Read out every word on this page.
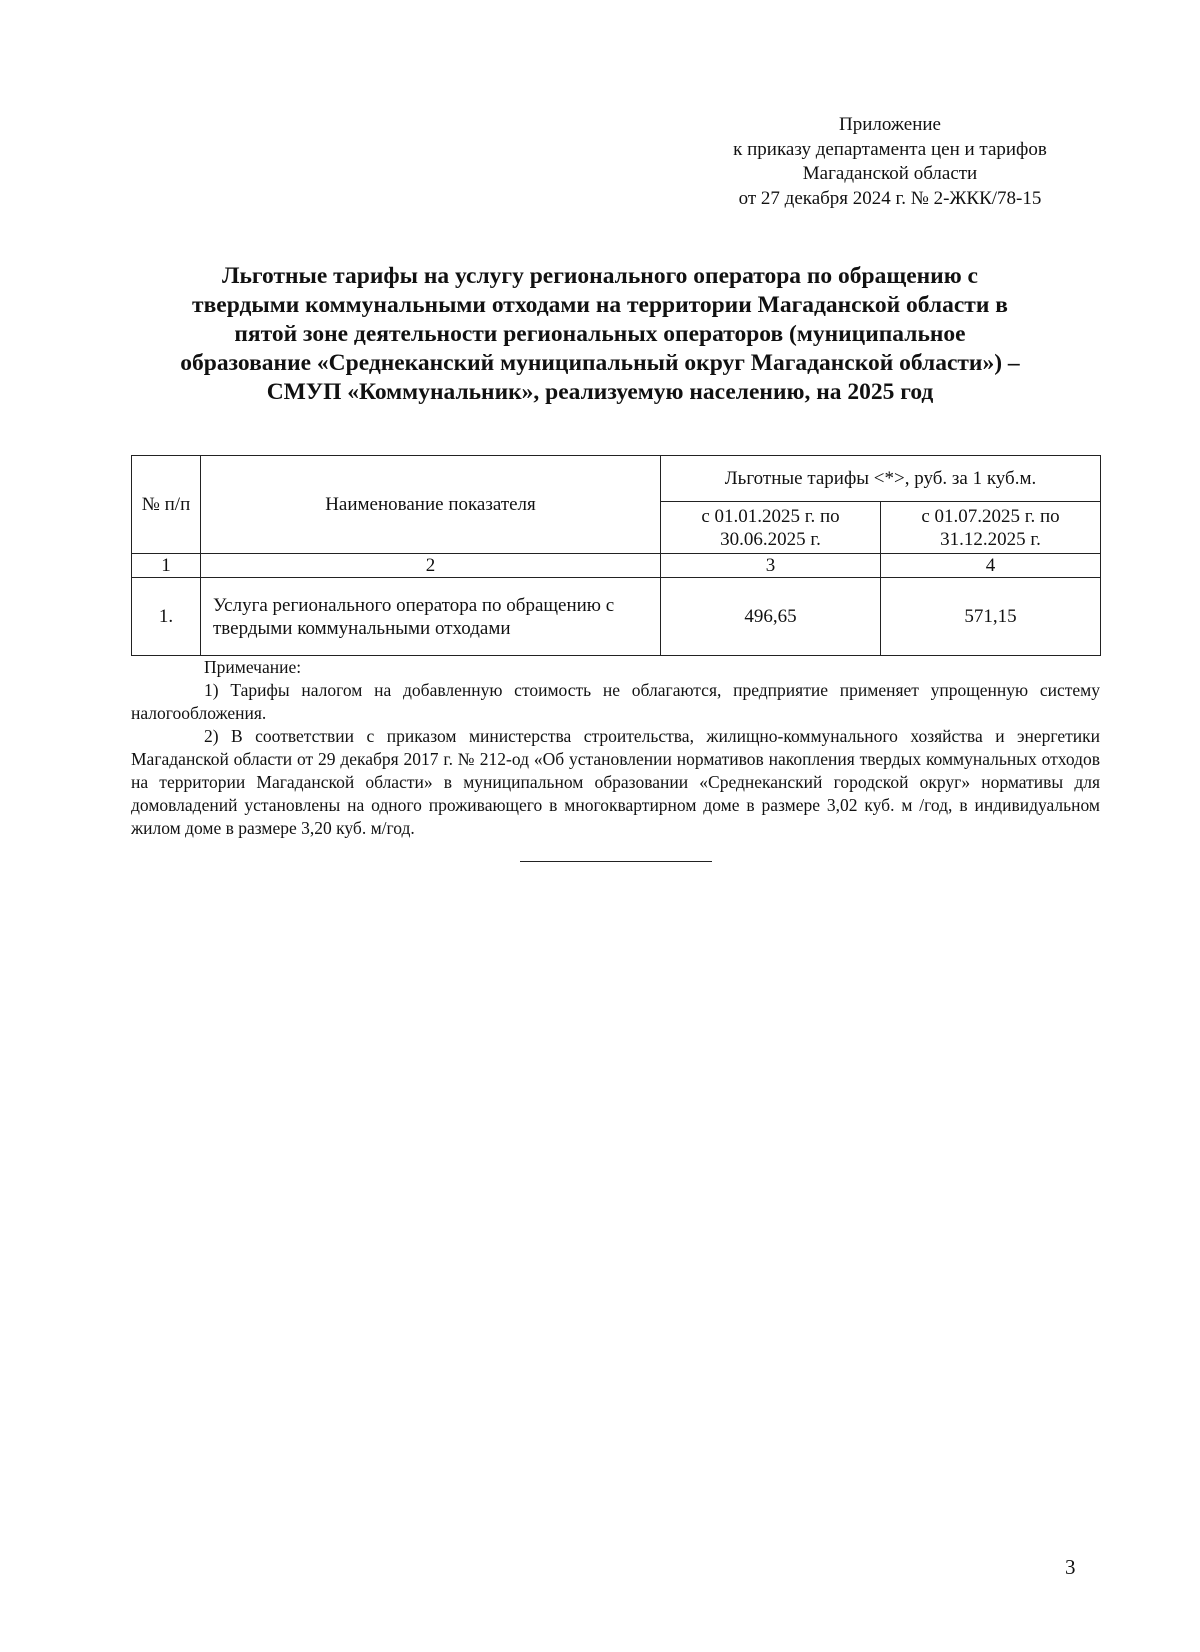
Приложение
к приказу департамента цен и тарифов
Магаданской области
от 27 декабря 2024 г. № 2-ЖКК/78-15
Льготные тарифы на услугу регионального оператора по обращению с
твердыми коммунальными отходами на территории Магаданской области в
пятой зоне деятельности региональных операторов (муниципальное
образование «Среднеканский муниципальный округ Магаданской области») –
СМУП «Коммунальник», реализуемую населению, на 2025 год
№ п/п	Наименование показателя	Льготные тарифы <*>, руб. за 1 куб.м.	
		с 01.01.2025 г. по 30.06.2025 г.	с 01.07.2025 г. по 31.12.2025 г.
1	2	3	4
1.	Услуга регионального оператора по обращению с твердыми коммунальными отходами	496,65	571,15

Примечание:

1) Тарифы налогом на добавленную стоимость не облагаются, предприятие применяет упрощенную систему налогообложения.

2) В соответствии с приказом министерства строительства, жилищно-коммунального хозяйства и энергетики Магаданской области от 29 декабря 2017 г. № 212-од «Об установлении нормативов накопления твердых коммунальных отходов на территории Магаданской области» в муниципальном образовании «Среднеканский городской округ» нормативы для домовладений установлены на одного проживающего в многоквартирном доме в размере 3,02 куб. м /год, в индивидуальном жилом доме в размере 3,20 куб. м/год.

3
